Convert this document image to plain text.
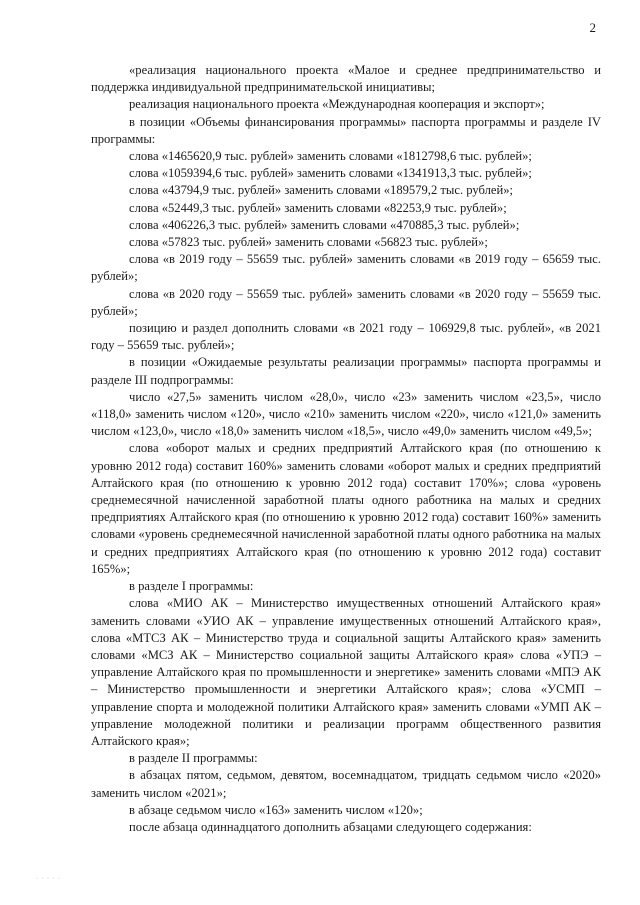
2

«реализация национального проекта «Малое и среднее предпринимательство и поддержка индивидуальной предпринимательской инициативы;

реализация национального проекта «Международная кооперация и экспорт»;

в позиции «Объемы финансирования программы» паспорта программы и разделе IV программы:

слова «1465620,9 тыс. рублей» заменить словами «1812798,6 тыс. рублей»;

слова «1059394,6 тыс. рублей» заменить словами «1341913,3 тыс. рублей»;

слова «43794,9 тыс. рублей» заменить словами «189579,2 тыс. рублей»;

слова «52449,3 тыс. рублей» заменить словами «82253,9 тыс. рублей»;

слова «406226,3 тыс. рублей» заменить словами «470885,3 тыс. рублей»;

слова «57823 тыс. рублей» заменить словами «56823 тыс. рублей»;

слова «в 2019 году – 55659 тыс. рублей» заменить словами «в 2019 году – 65659 тыс. рублей»;

слова «в 2020 году – 55659 тыс. рублей» заменить словами «в 2020 году – 55659 тыс. рублей»;

позицию и раздел дополнить словами «в 2021 году – 106929,8 тыс. рублей», «в 2021 году – 55659 тыс. рублей»;

в позиции «Ожидаемые результаты реализации программы» паспорта программы и разделе III подпрограммы:

число «27,5» заменить числом «28,0», число «23» заменить числом «23,5», число «118,0» заменить числом «120», число «210» заменить числом «220», число «121,0» заменить числом «123,0», число «18,0» заменить числом «18,5», число «49,0» заменить числом «49,5»;

слова «оборот малых и средних предприятий Алтайского края (по отношению к уровню 2012 года) составит 160%» заменить словами «оборот малых и средних предприятий Алтайского края (по отношению к уровню 2012 года) составит 170%»; слова «уровень среднемесячной начисленной заработной платы одного работника на малых и средних предприятиях Алтайского края (по отношению к уровню 2012 года) составит 160%» заменить словами «уровень среднемесячной начисленной заработной платы одного работника на малых и средних предприятиях Алтайского края (по отношению к уровню 2012 года) составит 165%»;

в разделе I программы:

слова «МИО АК – Министерство имущественных отношений Алтайского края» заменить словами «УИО АК – управление имущественных отношений Алтайского края», слова «МТСЗ АК – Министерство труда и социальной защиты Алтайского края» заменить словами «МСЗ АК – Министерство социальной защиты Алтайского края» слова «УПЭ – управление Алтайского края по промышленности и энергетике» заменить словами «МПЭ АК – Министерство промышленности и энергетики Алтайского края»; слова «УСМП – управление спорта и молодежной политики Алтайского края» заменить словами «УМП АК – управление молодежной политики и реализации программ общественного развития Алтайского края»;

в разделе II программы:

в абзацах пятом, седьмом, девятом, восемнадцатом, тридцать седьмом число «2020» заменить числом «2021»;

в абзаце седьмом число «163» заменить числом «120»;

после абзаца одиннадцатого дополнить абзацами следующего содержания:

· · · · ·
